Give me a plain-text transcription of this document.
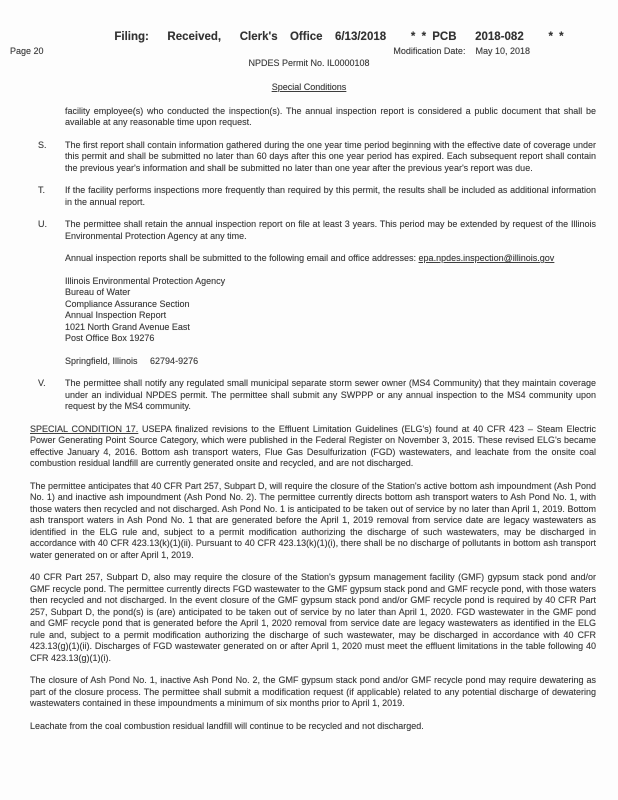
Filing:   Received,   Clerk's  Office  6/13/2018    * * PCB   2018-082    * *
Page 20	Modification Date: May 10, 2018
NPDES Permit No. IL0000108
Special Conditions
facility employee(s) who conducted the inspection(s). The annual inspection report is considered a public document that shall be available at any reasonable time upon request.
S. The first report shall contain information gathered during the one year time period beginning with the effective date of coverage under this permit and shall be submitted no later than 60 days after this one year period has expired. Each subsequent report shall contain the previous year's information and shall be submitted no later than one year after the previous year's report was due.
T. If the facility performs inspections more frequently than required by this permit, the results shall be included as additional information in the annual report.
U. The permittee shall retain the annual inspection report on file at least 3 years. This period may be extended by request of the Illinois Environmental Protection Agency at any time.
Annual inspection reports shall be submitted to the following email and office addresses: epa.npdes.inspection@illinois.gov
Illinois Environmental Protection Agency
Bureau of Water
Compliance Assurance Section
Annual Inspection Report
1021 North Grand Avenue East
Post Office Box 19276
Springfield, Illinois     62794-9276
V. The permittee shall notify any regulated small municipal separate storm sewer owner (MS4 Community) that they maintain coverage under an individual NPDES permit. The permittee shall submit any SWPPP or any annual inspection to the MS4 community upon request by the MS4 community.
SPECIAL CONDITION 17. USEPA finalized revisions to the Effluent Limitation Guidelines (ELG's) found at 40 CFR 423 – Steam Electric Power Generating Point Source Category, which were published in the Federal Register on November 3, 2015. These revised ELG's became effective January 4, 2016. Bottom ash transport waters, Flue Gas Desulfurization (FGD) wastewaters, and leachate from the onsite coal combustion residual landfill are currently generated onsite and recycled, and are not discharged.
The permittee anticipates that 40 CFR Part 257, Subpart D, will require the closure of the Station's active bottom ash impoundment (Ash Pond No. 1) and inactive ash impoundment (Ash Pond No. 2). The permittee currently directs bottom ash transport waters to Ash Pond No. 1, with those waters then recycled and not discharged. Ash Pond No. 1 is anticipated to be taken out of service by no later than April 1, 2019. Bottom ash transport waters in Ash Pond No. 1 that are generated before the April 1, 2019 removal from service date are legacy wastewaters as identified in the ELG rule and, subject to a permit modification authorizing the discharge of such wastewaters, may be discharged in accordance with 40 CFR 423.13(k)(1)(ii). Pursuant to 40 CFR 423.13(k)(1)(i), there shall be no discharge of pollutants in bottom ash transport water generated on or after April 1, 2019.
40 CFR Part 257, Subpart D, also may require the closure of the Station's gypsum management facility (GMF) gypsum stack pond and/or GMF recycle pond. The permittee currently directs FGD wastewater to the GMF gypsum stack pond and GMF recycle pond, with those waters then recycled and not discharged. In the event closure of the GMF gypsum stack pond and/or GMF recycle pond is required by 40 CFR Part 257, Subpart D, the pond(s) is (are) anticipated to be taken out of service by no later than April 1, 2020. FGD wastewater in the GMF pond and GMF recycle pond that is generated before the April 1, 2020 removal from service date are legacy wastewaters as identified in the ELG rule and, subject to a permit modification authorizing the discharge of such wastewater, may be discharged in accordance with 40 CFR 423.13(g)(1)(ii). Discharges of FGD wastewater generated on or after April 1, 2020 must meet the effluent limitations in the table following 40 CFR 423.13(g)(1)(i).
The closure of Ash Pond No. 1, inactive Ash Pond No. 2, the GMF gypsum stack pond and/or GMF recycle pond may require dewatering as part of the closure process. The permittee shall submit a modification request (if applicable) related to any potential discharge of dewatering wastewaters contained in these impoundments a minimum of six months prior to April 1, 2019.
Leachate from the coal combustion residual landfill will continue to be recycled and not discharged.
